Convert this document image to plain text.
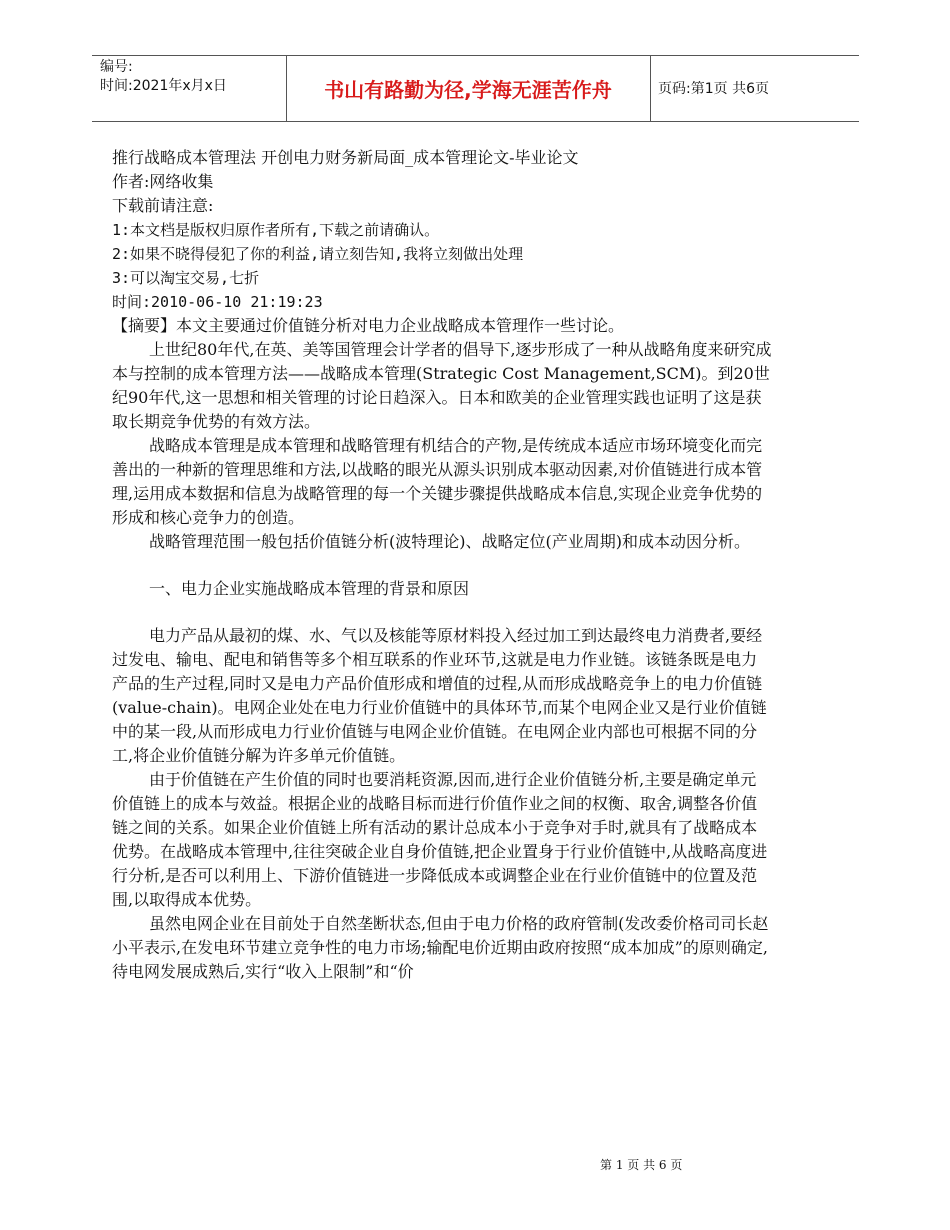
编号:
时间:2021年x月x日	书山有路勤为径,学海无涯苦作舟	页码:第1页 共6页

推行战略成本管理法 开创电力财务新局面_成本管理论文-毕业论文

作者:网络收集

下载前请注意:

1:本文档是版权归原作者所有,下载之前请确认。

2:如果不晓得侵犯了你的利益,请立刻告知,我将立刻做出处理

3:可以淘宝交易,七折

时间:2010-06-10 21:19:23

【摘要】本文主要通过价值链分析对电力企业战略成本管理作一些讨论。

上世纪80年代,在英、美等国管理会计学者的倡导下,逐步形成了一种从战略角度来研究成本与控制的成本管理方法——战略成本管理(Strategic Cost Management,SCM)。到20世纪90年代,这一思想和相关管理的讨论日趋深入。日本和欧美的企业管理实践也证明了这是获取长期竞争优势的有效方法。

战略成本管理是成本管理和战略管理有机结合的产物,是传统成本适应市场环境变化而完善出的一种新的管理思维和方法,以战略的眼光从源头识别成本驱动因素,对价值链进行成本管理,运用成本数据和信息为战略管理的每一个关键步骤提供战略成本信息,实现企业竞争优势的形成和核心竞争力的创造。

战略管理范围一般包括价值链分析(波特理论)、战略定位(产业周期)和成本动因分析。

一、电力企业实施战略成本管理的背景和原因

电力产品从最初的煤、水、气以及核能等原材料投入经过加工到达最终电力消费者,要经过发电、输电、配电和销售等多个相互联系的作业环节,这就是电力作业链。该链条既是电力产品的生产过程,同时又是电力产品价值形成和增值的过程,从而形成战略竞争上的电力价值链(value-chain)。电网企业处在电力行业价值链中的具体环节,而某个电网企业又是行业价值链中的某一段,从而形成电力行业价值链与电网企业价值链。在电网企业内部也可根据不同的分工,将企业价值链分解为许多单元价值链。

由于价值链在产生价值的同时也要消耗资源,因而,进行企业价值链分析,主要是确定单元价值链上的成本与效益。根据企业的战略目标而进行价值作业之间的权衡、取舍,调整各价值链之间的关系。如果企业价值链上所有活动的累计总成本小于竞争对手时,就具有了战略成本优势。在战略成本管理中,往往突破企业自身价值链,把企业置身于行业价值链中,从战略高度进行分析,是否可以利用上、下游价值链进一步降低成本或调整企业在行业价值链中的位置及范围,以取得成本优势。

虽然电网企业在目前处于自然垄断状态,但由于电力价格的政府管制(发改委价格司司长赵小平表示,在发电环节建立竞争性的电力市场;输配电价近期由政府按照“成本加成”的原则确定,待电网发展成熟后,实行“收入上限制”和“价

第 1 页 共 6 页
